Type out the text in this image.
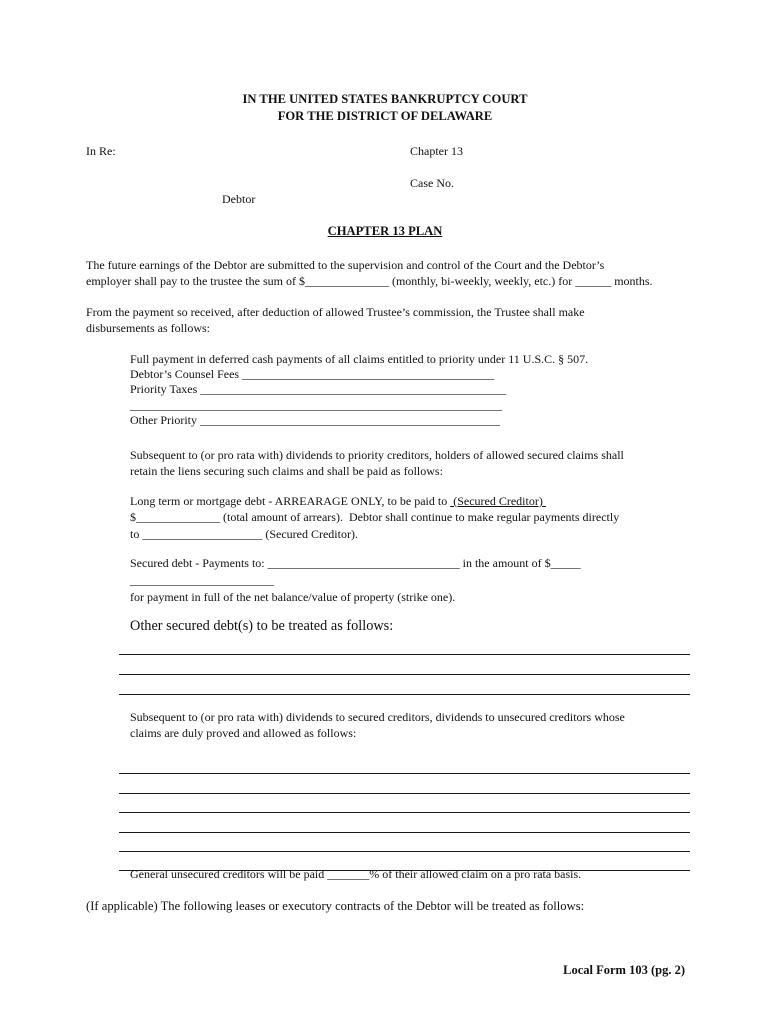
IN THE UNITED STATES BANKRUPTCY COURT
FOR THE DISTRICT OF DELAWARE
In Re:	Chapter 13
Case No.
Debtor
CHAPTER 13 PLAN
The future earnings of the Debtor are submitted to the supervision and control of the Court and the Debtor’s
employer shall pay to the trustee the sum of $______________ (monthly, bi-weekly, weekly, etc.) for ______ months.
From the payment so received, after deduction of allowed Trustee’s commission, the Trustee shall make
disbursements as follows:
Full payment in deferred cash payments of all claims entitled to priority under 11 U.S.C. § 507.
Debtor’s Counsel Fees __________________________________________
Priority Taxes ___________________________________________________
______________________________________________________________
Other Priority __________________________________________________
Subsequent to (or pro rata with) dividends to priority creditors, holders of allowed secured claims shall
retain the liens securing such claims and shall be paid as follows:
Long term or mortgage debt - ARREARAGE ONLY, to be paid to  (Secured Creditor)
$______________ (total amount of arrears).  Debtor shall continue to make regular payments directly
to ____________________ (Secured Creditor).
Secured debt - Payments to: ________________________________ in the amount of $_____
________________________
for payment in full of the net balance/value of property (strike one).
Other secured debt(s) to be treated as follows:
Subsequent to (or pro rata with) dividends to secured creditors, dividends to unsecured creditors whose
claims are duly proved and allowed as follows:
General unsecured creditors will be paid _______% of their allowed claim on a pro rata basis.
(If applicable) The following leases or executory contracts of the Debtor will be treated as follows:
Local Form 103 (pg. 2)
